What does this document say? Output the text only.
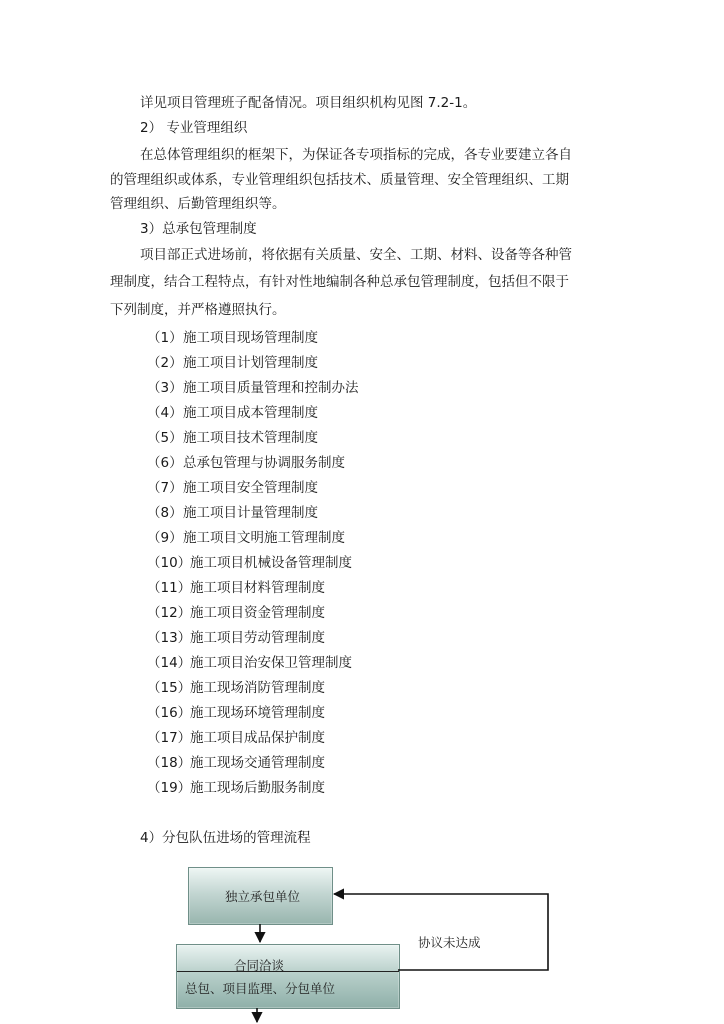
详见项目管理班子配备情况。项目组织机构见图 7.2-1。
2） 专业管理组织
在总体管理组织的框架下，为保证各专项指标的完成，各专业要建立各自
的管理组织或体系，专业管理组织包括技术、质量管理、安全管理组织、工期
管理组织、后勤管理组织等。
3）总承包管理制度
项目部正式进场前，将依据有关质量、安全、工期、材料、设备等各种管
理制度，结合工程特点，有针对性地编制各种总承包管理制度，包括但不限于
下列制度，并严格遵照执行。
（1） 施工项目现场管理制度
（2） 施工项目计划管理制度
（3） 施工项目质量管理和控制办法
（4） 施工项目成本管理制度
（5） 施工项目技术管理制度
（6） 总承包管理与协调服务制度
（7） 施工项目安全管理制度
（8） 施工项目计量管理制度
（9） 施工项目文明施工管理制度
（10）
施工项目机械设备管理制度
（11）
施工项目材料管理制度
（12）
施工项目资金管理制度
（13）
施工项目劳动管理制度
（14）
施工项目治安保卫管理制度
（15）
施工现场消防管理制度
（16）
施工现场环境管理制度
（17）
施工项目成品保护制度
（18）
施工现场交通管理制度
（19）
施工现场后勤服务制度
4）分包队伍进场的管理流程
独立承包单位
合同洽谈
总包、项目监理、分包单位
协议未达成
